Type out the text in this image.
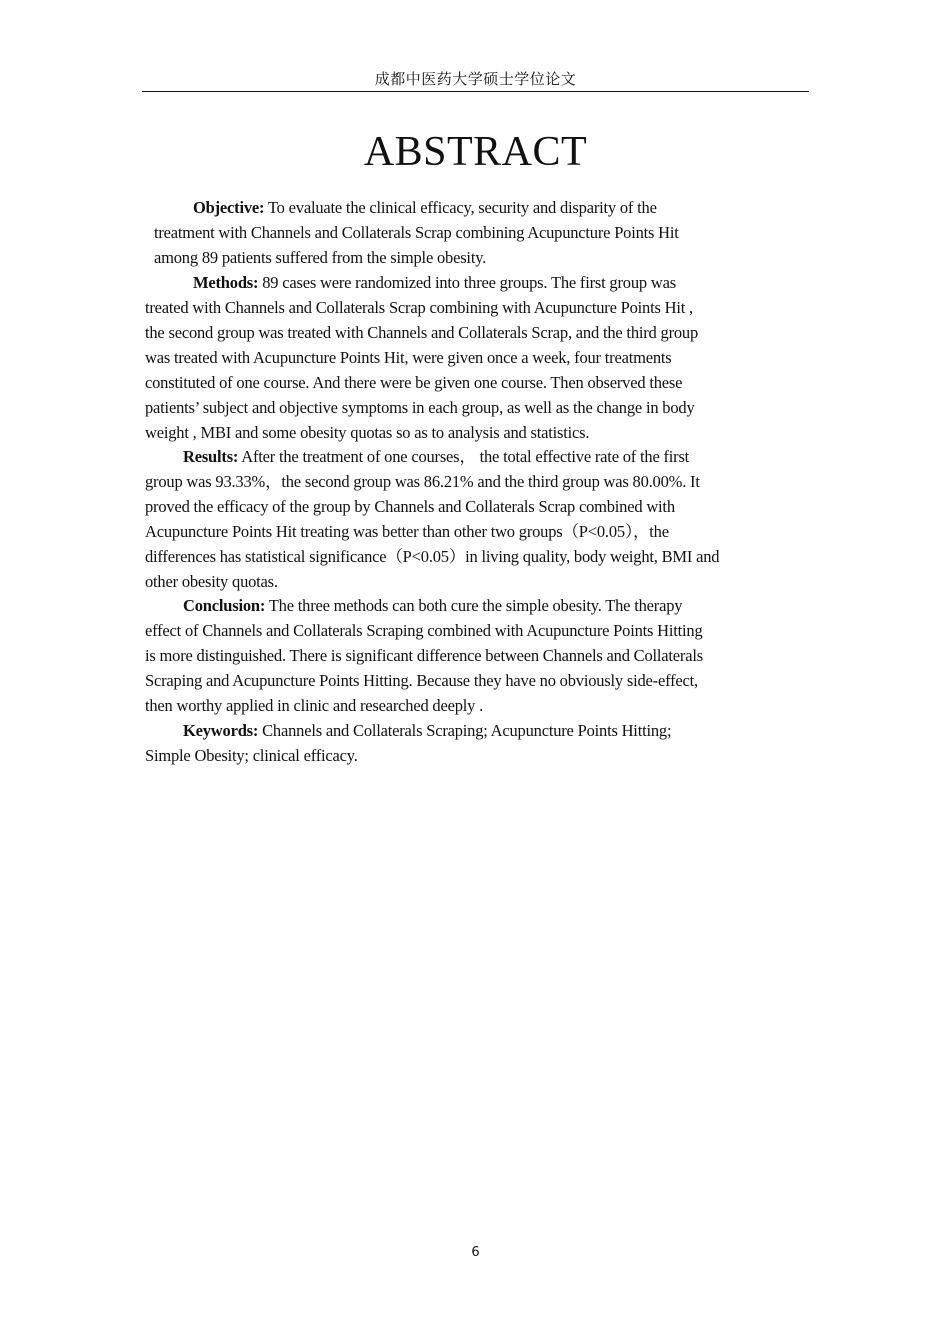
成都中医药大学硕士学位论文
ABSTRACT
Objective: To evaluate the clinical efficacy, security and disparity of the
treatment with Channels and Collaterals Scrap combining Acupuncture Points Hit
among 89 patients suffered from the simple obesity.
Methods: 89 cases were randomized into three groups. The first group was
treated with Channels and Collaterals Scrap combining with Acupuncture Points Hit ,
the second group was treated with Channels and Collaterals Scrap, and the third group
was treated with Acupuncture Points Hit, were given once a week, four treatments
constituted of one course. And there were be given one course. Then observed these
patients’ subject and objective symptoms in each group, as well as the change in body
weight , MBI and some obesity quotas so as to analysis and statistics.
Results: After the treatment of one courses， the total effective rate of the first
group was 93.33%，the second group was 86.21% and the third group was 80.00%. It
proved the efficacy of the group by Channels and Collaterals Scrap combined with
Acupuncture Points Hit treating was better than other two groups（P<0.05），the
differences has statistical significance（P<0.05）in living quality, body weight, BMI and
other obesity quotas.
Conclusion: The three methods can both cure the simple obesity. The therapy
effect of Channels and Collaterals Scraping combined with Acupuncture Points Hitting
is more distinguished. There is significant difference between Channels and Collaterals
Scraping and Acupuncture Points Hitting. Because they have no obviously side-effect,
then worthy applied in clinic and researched deeply .
Keywords: Channels and Collaterals Scraping; Acupuncture Points Hitting;
Simple Obesity; clinical efficacy.
6
